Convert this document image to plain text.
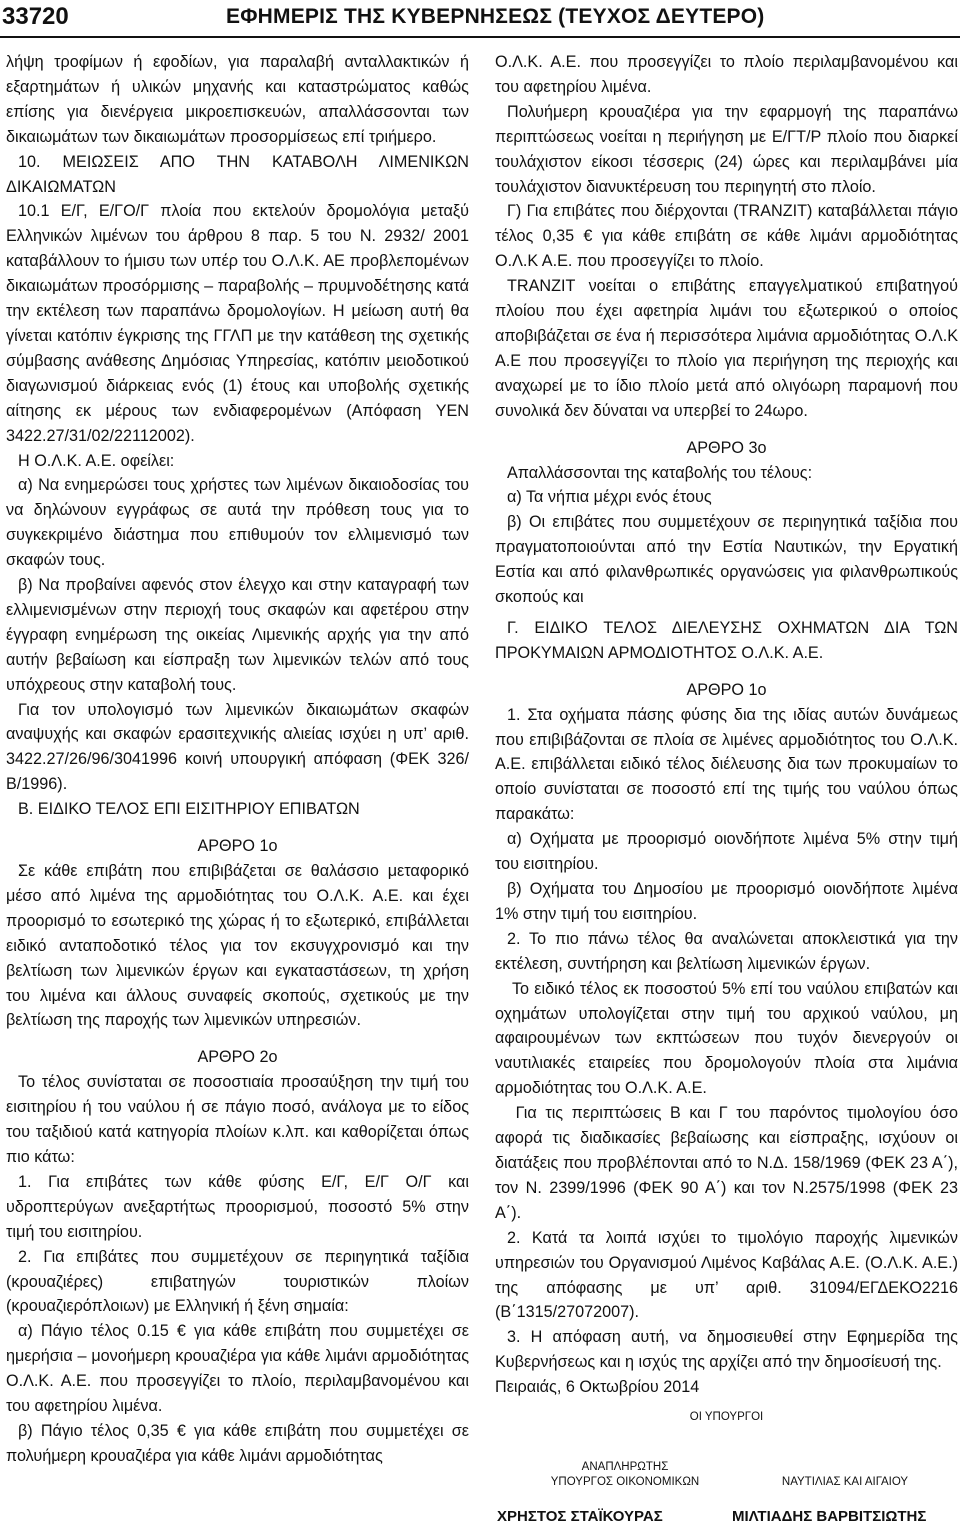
33720	ΕΦΗΜΕΡΙΣ ΤΗΣ ΚΥΒΕΡΝΗΣΕΩΣ (ΤΕΥΧΟΣ ΔΕΥΤΕΡΟ)

λήψη τροφίμων ή εφοδίων, για παραλαβή ανταλλακτικών ή εξαρτημάτων ή υλικών μηχανής και καταστρώματος καθώς επίσης για διενέργεια μικροεπισκευών, απαλλάσσονται των δικαιωμάτων των δικαιωμάτων προσορμίσεως επί τριήμερο.

10. ΜΕΙΩΣΕΙΣ ΑΠΟ ΤΗΝ ΚΑΤΑΒΟΛΗ ΛΙΜΕΝΙΚΩΝ ΔΙΚΑΙΩΜΑΤΩΝ

10.1 Ε/Γ, Ε/ΓΟ/Γ πλοία που εκτελούν δρομολόγια μεταξύ Ελληνικών λιμένων του άρθρου 8 παρ. 5 του Ν. 2932/ 2001 καταβάλλουν το ήμισυ των υπέρ του Ο.Λ.Κ. ΑΕ προβλεπομένων δικαιωμάτων προσόρμισης – παραβολής – πρυμνοδέτησης κατά την εκτέλεση των παραπάνω δρομολογίων. Η μείωση αυτή θα γίνεται κατόπιν έγκρισης της ΓΓΛΠ με την κατάθεση της σχετικής σύμβασης ανάθεσης Δημόσιας Υπηρεσίας, κατόπιν μειοδοτικού διαγωνισμού διάρκειας ενός (1) έτους και υποβολής σχετικής αίτησης εκ μέρους των ενδιαφερομένων (Απόφαση ΥΕΝ 3422.27/31/02/22112002).

Η Ο.Λ.Κ. Α.Ε. οφείλει:

α) Να ενημερώσει τους χρήστες των λιμένων δικαιοδοσίας του να δηλώνουν εγγράφως σε αυτά την πρόθεση τους για το συγκεκριμένο διάστημα που επιθυμούν τον ελλιμενισμό των σκαφών τους.

β) Να προβαίνει αφενός στον έλεγχο και στην καταγραφή των ελλιμενισμένων στην περιοχή τους σκαφών και αφετέρου στην έγγραφη ενημέρωση της οικείας Λιμενικής αρχής για την από αυτήν βεβαίωση και είσπραξη των λιμενικών τελών από τους υπόχρεους στην καταβολή τους.

Για τον υπολογισμό των λιμενικών δικαιωμάτων σκαφών αναψυχής και σκαφών ερασιτεχνικής αλιείας ισχύει η υπ’ αριθ. 3422.27/26/96/3041996 κοινή υπουργική απόφαση (ΦΕΚ 326/Β/1996).

Β. ΕΙΔΙΚΟ ΤΕΛΟΣ ΕΠΙ ΕΙΣΙΤΗΡΙΟΥ ΕΠΙΒΑΤΩΝ

ΑΡΘΡΟ 1ο

Σε κάθε επιβάτη που επιβιβάζεται σε θαλάσσιο μεταφορικό μέσο από λιμένα της αρμοδιότητας του Ο.Λ.Κ. Α.Ε. και έχει προορισμό το εσωτερικό της χώρας ή το εξωτερικό, επιβάλλεται ειδικό ανταποδοτικό τέλος για τον εκσυγχρονισμό και την βελτίωση των λιμενικών έργων και εγκαταστάσεων, τη χρήση του λιμένα και άλλους συναφείς σκοπούς, σχετικούς με την βελτίωση της παροχής των λιμενικών υπηρεσιών.

ΑΡΘΡΟ 2ο

Το τέλος συνίσταται σε ποσοστιαία προσαύξηση την τιμή του εισιτηρίου ή του ναύλου ή σε πάγιο ποσό, ανάλογα με το είδος του ταξιδιού κατά κατηγορία πλοίων κ.λπ. και καθορίζεται όπως πιο κάτω:

1. Για επιβάτες των κάθε φύσης Ε/Γ, Ε/Γ Ο/Γ και υδροπτερύγων ανεξαρτήτως προορισμού, ποσοστό 5% στην τιμή του εισιτηρίου.

2. Για επιβάτες που συμμετέχουν σε περιηγητικά ταξίδια (κρουαζιέρες) επιβατηγών τουριστικών πλοίων (κρουαζιερόπλοιων) με Ελληνική ή ξένη σημαία:

α) Πάγιο τέλος 0.15 € για κάθε επιβάτη που συμμετέχει σε ημερήσια – μονοήμερη κρουαζιέρα για κάθε λιμάνι αρμοδιότητας Ο.Λ.Κ. Α.Ε. που προσεγγίζει το πλοίο, περιλαμβανομένου και του αφετηρίου λιμένα.

β) Πάγιο τέλος 0,35 € για κάθε επιβάτη που συμμετέχει σε πολυήμερη κρουαζιέρα για κάθε λιμάνι αρμοδιότητας

Ο.Λ.Κ. Α.Ε. που προσεγγίζει το πλοίο περιλαμβανομένου και του αφετηρίου λιμένα.

Πολυήμερη κρουαζιέρα για την εφαρμογή της παραπάνω περιπτώσεως νοείται η περιήγηση με Ε/ΓΤ/Ρ πλοίο που διαρκεί τουλάχιστον είκοσι τέσσερις (24) ώρες και περιλαμβάνει μία τουλάχιστον διανυκτέρευση του περιηγητή στο πλοίο.

Γ) Για επιβάτες που διέρχονται (TRANZIT) καταβάλλεται πάγιο τέλος 0,35 € για κάθε επιβάτη σε κάθε λιμάνι αρμοδιότητας Ο.Λ.Κ Α.Ε. που προσεγγίζει το πλοίο.

TRANZIT νοείται ο επιβάτης επαγγελματικού επιβατηγού πλοίου που έχει αφετηρία λιμάνι του εξωτερικού ο οποίος αποβιβάζεται σε ένα ή περισσότερα λιμάνια αρμοδιότητας Ο.Λ.Κ Α.Ε που προσεγγίζει το πλοίο για περιήγηση της περιοχής και αναχωρεί με το ίδιο πλοίο μετά από ολιγόωρη παραμονή που συνολικά δεν δύναται να υπερβεί το 24ωρο.

ΑΡΘΡΟ 3ο

Απαλλάσσονται της καταβολής του τέλους:

α) Τα νήπια μέχρι ενός έτους

β) Οι επιβάτες που συμμετέχουν σε περιηγητικά ταξίδια που πραγματοποιούνται από την Εστία Ναυτικών, την Εργατική Εστία και από φιλανθρωπικές οργανώσεις για φιλανθρωπικούς σκοπούς και

Γ. ΕΙΔΙΚΟ ΤΕΛΟΣ ΔΙΕΛΕΥΣΗΣ ΟΧΗΜΑΤΩΝ ΔΙΑ ΤΩΝ ΠΡΟΚΥΜΑΙΩΝ ΑΡΜΟΔΙΟΤΗΤΟΣ Ο.Λ.Κ. Α.Ε.

ΑΡΘΡΟ 1ο

1. Στα οχήματα πάσης φύσης δια της ιδίας αυτών δυνάμεως που επιβιβάζονται σε πλοία σε λιμένες αρμοδιότητος του Ο.Λ.Κ. Α.Ε. επιβάλλεται ειδικό τέλος διέλευσης δια των προκυμαίων το οποίο συνίσταται σε ποσοστό επί της τιμής του ναύλου όπως παρακάτω:

α) Οχήματα με προορισμό οιονδήποτε λιμένα 5% στην τιμή του εισιτηρίου.

β) Οχήματα του Δημοσίου με προορισμό οιονδήποτε λιμένα 1% στην τιμή του εισιτηρίου.

2. Το πιο πάνω τέλος θα αναλώνεται αποκλειστικά για την εκτέλεση, συντήρηση και βελτίωση λιμενικών έργων.

Το ειδικό τέλος εκ ποσοστού 5% επί του ναύλου επιβατών και οχημάτων υπολογίζεται στην τιμή του αρχικού ναύλου, μη αφαιρουμένων των εκπτώσεων που τυχόν διενεργούν οι ναυτιλιακές εταιρείες που δρομολογούν πλοία στα λιμάνια αρμοδιότητας του Ο.Λ.Κ. Α.Ε.

Για τις περιπτώσεις Β και Γ του παρόντος τιμολογίου όσο αφορά τις διαδικασίες βεβαίωσης και είσπραξης, ισχύουν οι διατάξεις που προβλέπονται από το Ν.Δ. 158/1969 (ΦΕΚ 23 Α΄), τον Ν. 2399/1996 (ΦΕΚ 90 Α΄) και τον Ν.2575/1998 (ΦΕΚ 23 Α΄).

2. Κατά τα λοιπά ισχύει το τιμολόγιο παροχής λιμενικών υπηρεσιών του Οργανισμού Λιμένος Καβάλας Α.Ε. (Ο.Λ.Κ. Α.Ε.) της απόφασης με υπ’ αριθ. 31094/ΕΓΔΕΚΟ2216 (Β΄1315/27072007).

3. Η απόφαση αυτή, να δημοσιευθεί στην Εφημερίδα της Κυβερνήσεως και η ισχύς της αρχίζει από την δημοσίευσή της.

Πειραιάς, 6 Οκτωβρίου 2014

ΟΙ ΥΠΟΥΡΓΟΙ
ΑΝΑΠΛΗΡΩΤΗΣ
ΥΠΟΥΡΓΟΣ ΟΙΚΟΝΟΜΙΚΩΝ	ΝΑΥΤΙΛΙΑΣ ΚΑΙ ΑΙΓΑΙΟΥ
ΧΡΗΣΤΟΣ ΣΤΑΪΚΟΥΡΑΣ	ΜΙΛΤΙΑΔΗΣ ΒΑΡΒΙΤΣΙΩΤΗΣ
